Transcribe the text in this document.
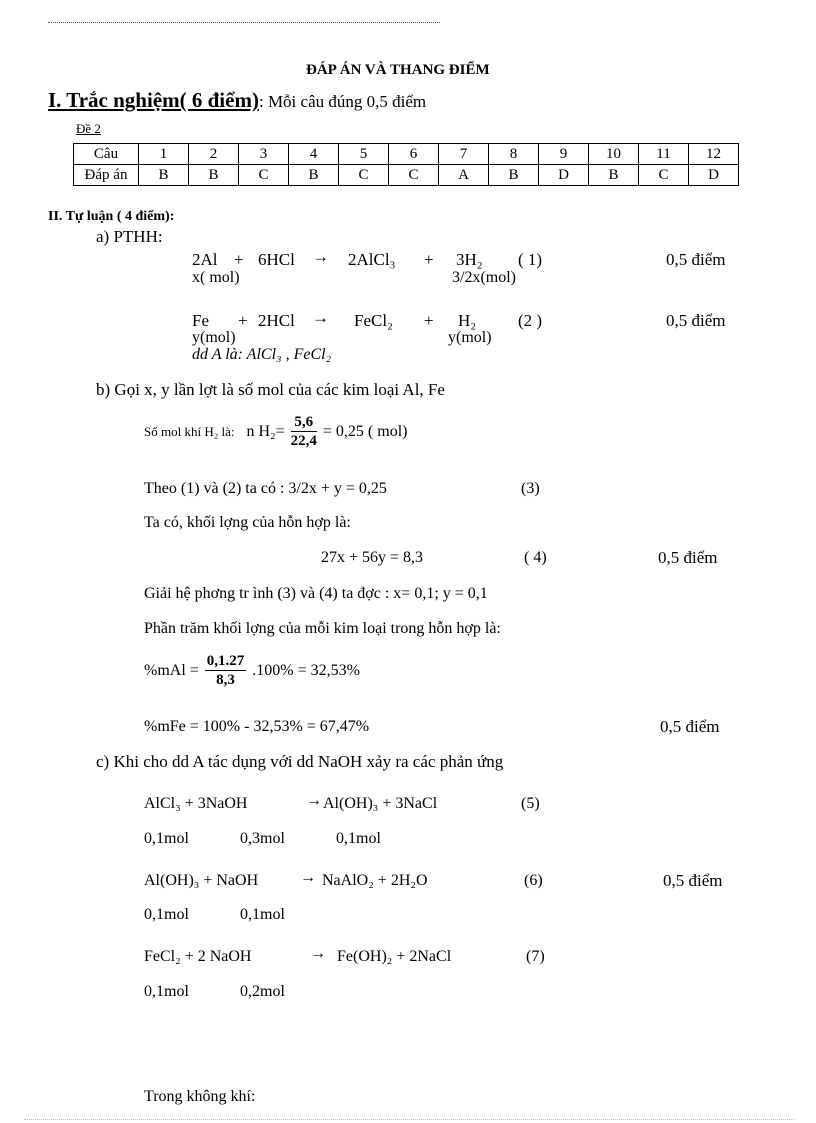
ĐÁP ÁN VÀ THANG ĐIỂM
I. Trắc nghiệm( 6 điểm): Mỗi câu đúng 0,5 điểm
Đề 2
Câu	1	2	3	4	5	6	7	8	9	10	11	12
Đáp án	B	B	C	B	C	C	A	B	D	B	C	D
II. Tự luận ( 4 điểm):
a) PTHH:
2Al + 6HCl → 2AlCl₃ + 3H₂ ( 1)	0,5 điểm
x( mol)	3/2x(mol)
Fe + 2HCl → FeCl₂ + H₂ (2 )	0,5 điểm
y(mol)	y(mol)
dd A là: AlCl₃ , FeCl₂
b) Gọi x, y lần lợt là số mol của các kim loại Al, Fe
Số mol khí H₂ là: n $H_2= \frac{5,6}{22,4} = 0,25$ ( mol)
Theo (1) và (2) ta có : 3/2x + y = 0,25	(3)
Ta có, khối lợng của hỗn hợp là:
27x + 56y = 8,3	( 4)	0,5 điểm
Giải hệ phơng tr ình (3) và (4) ta đợc : x= 0,1; y = 0,1
Phần trăm khối lợng của mỗi kim loại trong hỗn hợp là:
$\%mAl = \frac{0,1.27}{8,3} .100\% = 32,53\%$
%mFe = 100% - 32,53% = 67,47%	0,5 điểm
c) Khi cho dd A tác dụng với dd NaOH xảy ra các phản ứng
AlCl₃ + 3NaOH	→ Al(OH)₃ + 3NaCl	(5)
0,1mol	0,3mol	0,1mol
Al(OH)₃ + NaOH	→ NaAlO₂ + 2H₂O	(6)	0,5 điểm
0,1mol	0,1mol
FeCl₂ + 2 NaOH	→ Fe(OH)₂ + 2NaCl	(7)
0,1mol	0,2mol
Trong không khí:
